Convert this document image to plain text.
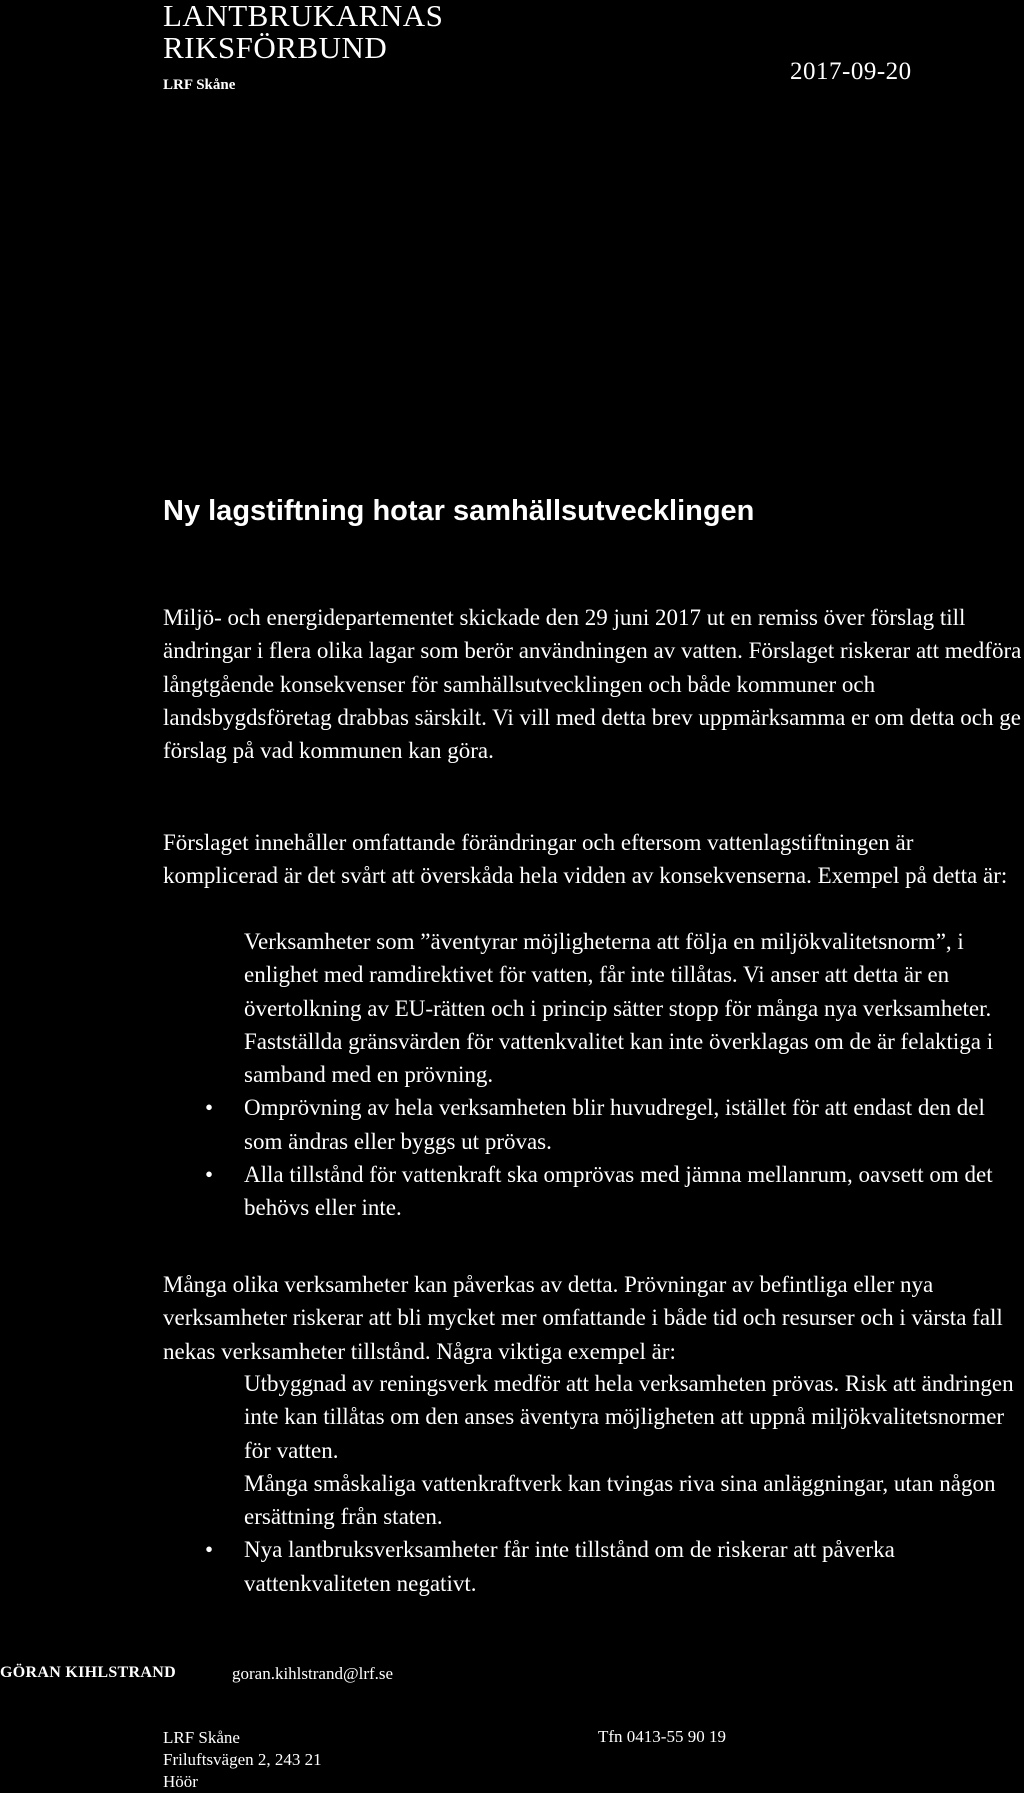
LANTBRUKARNAS
RIKSFÖRBUND
LRF Skåne	2017-09-20
Ny lagstiftning hotar samhällsutvecklingen

Miljö- och energidepartementet skickade den 29 juni 2017 ut en remiss över förslag till ändringar i flera olika lagar som berör användningen av vatten. Förslaget riskerar att medföra långtgående konsekvenser för samhällsutvecklingen och både kommuner och landsbygdsföretag drabbas särskilt. Vi vill med detta brev uppmärksamma er om detta och ge förslag på vad kommunen kan göra.

Förslaget innehåller omfattande förändringar och eftersom vattenlagstiftningen är komplicerad är det svårt att överskåda hela vidden av konsekvenserna. Exempel på detta är:

Verksamheter som ”äventyrar möjligheterna att följa en miljökvalitetsnorm”, i enlighet med ramdirektivet för vatten, får inte tillåtas. Vi anser att detta är en övertolkning av EU-rätten och i princip sätter stopp för många nya verksamheter.
Fastställda gränsvärden för vattenkvalitet kan inte överklagas om de är felaktiga i samband med en prövning.
•	Omprövning av hela verksamheten blir huvudregel, istället för att endast den del som ändras eller byggs ut prövas.
•	Alla tillstånd för vattenkraft ska omprövas med jämna mellanrum, oavsett om det behövs eller inte.

Många olika verksamheter kan påverkas av detta. Prövningar av befintliga eller nya verksamheter riskerar att bli mycket mer omfattande i både tid och resurser och i värsta fall nekas verksamheter tillstånd. Några viktiga exempel är:

Utbyggnad av reningsverk medför att hela verksamheten prövas. Risk att ändringen inte kan tillåtas om den anses äventyra möjligheten att uppnå miljökvalitetsnormer för vatten.
Många småskaliga vattenkraftverk kan tvingas riva sina anläggningar, utan någon ersättning från staten.
•	Nya lantbruksverksamheter får inte tillstånd om de riskerar att påverka vattenkvaliteten negativt.
GÖRAN KIHLSTRAND	goran.kihlstrand@lrf.se
LRF Skåne
Friluftsvägen 2, 243 21
Höör
Tfn 0413-55 90 19
